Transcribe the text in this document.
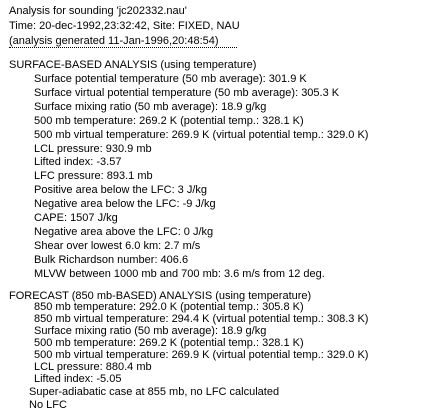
Analysis for sounding 'jc202332.nau'
Time: 20-dec-1992,23:32:42, Site: FIXED, NAU
(analysis generated 11-Jan-1996,20:48:54)
SURFACE-BASED ANALYSIS (using temperature)
Surface potential temperature (50 mb average): 301.9 K
Surface virtual potential temperature (50 mb average): 305.3 K
Surface mixing ratio (50 mb average): 18.9 g/kg
500 mb temperature: 269.2 K (potential temp.: 328.1 K)
500 mb virtual temperature: 269.9 K (virtual potential temp.: 329.0 K)
LCL pressure: 930.9 mb
Lifted index: -3.57
LFC pressure: 893.1 mb
Positive area below the LFC: 3 J/kg
Negative area below the LFC: -9 J/kg
CAPE: 1507 J/kg
Negative area above the LFC: 0 J/kg
Shear over lowest 6.0 km: 2.7 m/s
Bulk Richardson number: 406.6
MLVW between 1000 mb and 700 mb: 3.6 m/s from 12 deg.
FORECAST (850 mb-BASED) ANALYSIS (using temperature)
850 mb temperature: 292.0 K (potential temp.: 305.8 K)
850 mb virtual temperature: 294.4 K (virtual potential temp.: 308.3 K)
Surface mixing ratio (50 mb average): 18.9 g/kg
500 mb temperature: 269.2 K (potential temp.: 328.1 K)
500 mb virtual temperature: 269.9 K (virtual potential temp.: 329.0 K)
LCL pressure: 880.4 mb
Lifted index: -5.05
Super-adiabatic case at 855 mb, no LFC calculated
No LFC
